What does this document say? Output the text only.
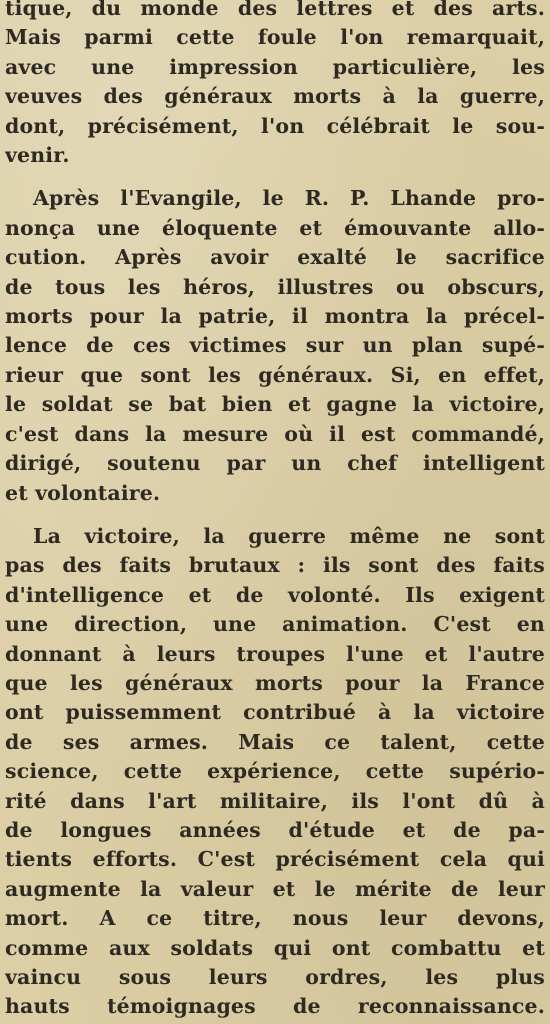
tique, du monde des lettres et des arts.
Mais parmi cette foule l'on remarquait,
avec une impression particulière, les
veuves des généraux morts à la guerre,
dont, précisément, l'on célébrait le sou-
venir.

Après l'Evangile, le R. P. Lhande pro-
nonça une éloquente et émouvante allo-
cution. Après avoir exalté le sacrifice
de tous les héros, illustres ou obscurs,
morts pour la patrie, il montra la précel-
lence de ces victimes sur un plan supé-
rieur que sont les généraux. Si, en effet,
le soldat se bat bien et gagne la victoire,
c'est dans la mesure où il est commandé,
dirigé, soutenu par un chef intelligent
et volontaire.

La victoire, la guerre même ne sont
pas des faits brutaux : ils sont des faits
d'intelligence et de volonté. Ils exigent
une direction, une animation. C'est en
donnant à leurs troupes l'une et l'autre
que les généraux morts pour la France
ont puissemment contribué à la victoire
de ses armes. Mais ce talent, cette
science, cette expérience, cette supério-
rité dans l'art militaire, ils l'ont dû à
de longues années d'étude et de pa-
tients efforts. C'est précisément cela qui
augmente la valeur et le mérite de leur
mort. A ce titre, nous leur devons,
comme aux soldats qui ont combattu et
vaincu sous leurs ordres, les plus
hauts témoignages de reconnaissance.
